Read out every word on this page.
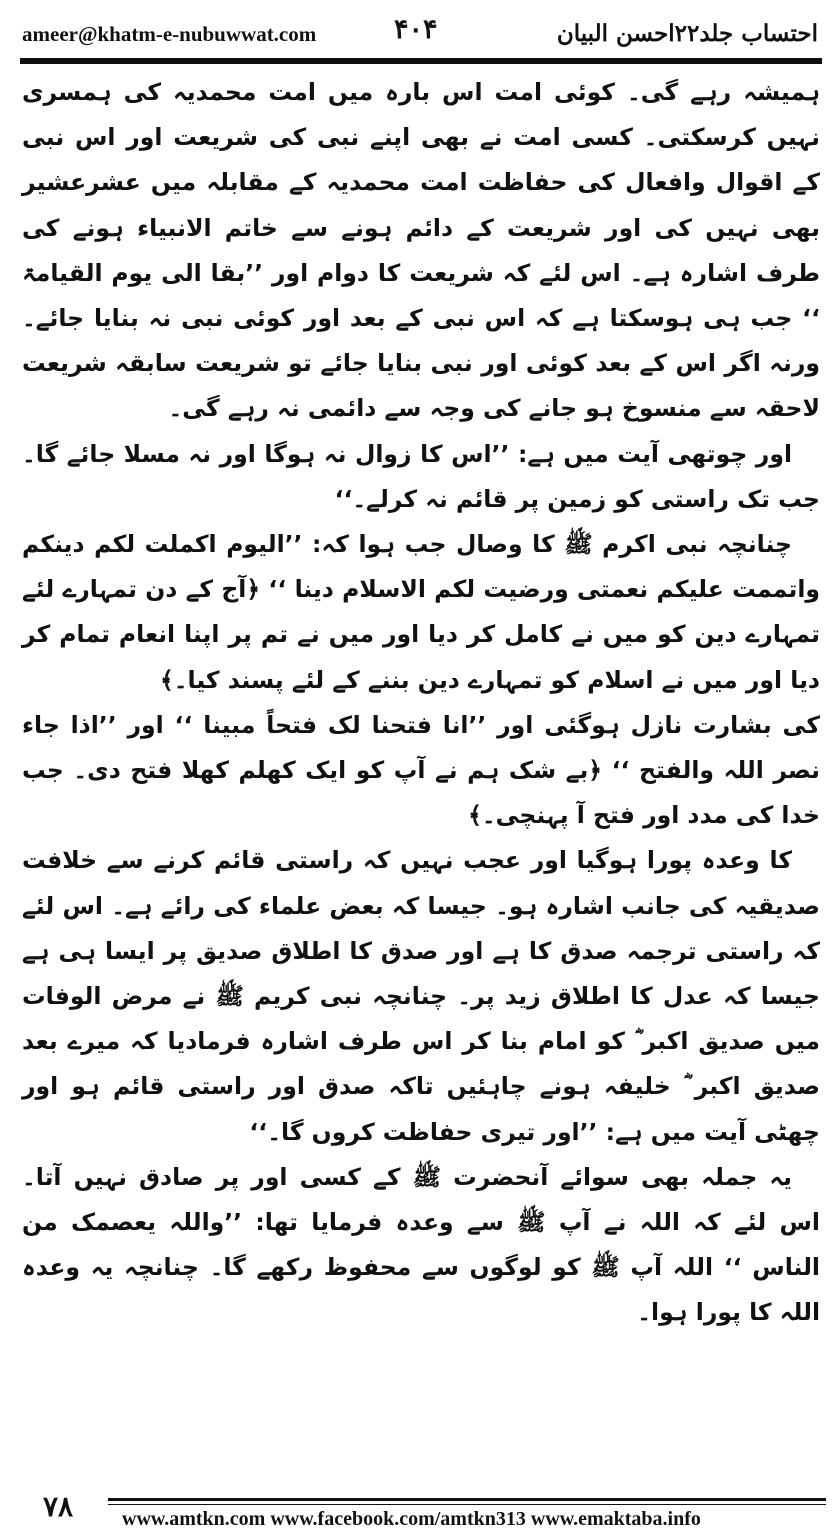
ameer@khatm-e-nubuwwat.com	۴۰۴	احتساب جلد۲۲احسن البیان

ہمیشہ رہے گی۔ کوئی امت اس بارہ میں امت محمدیہ کی ہمسری نہیں کرسکتی۔ کسی امت نے بھی اپنے نبی کی شریعت اور اس نبی کے اقوال وافعال کی حفاظت امت محمدیہ کے مقابلہ میں عشرعشیر بھی نہیں کی اور شریعت کے دائم ہونے سے خاتم الانبیاء ہونے کی طرف اشارہ ہے۔ اس لئے کہ شریعت کا دوام اور ’’بقا الی یوم القیامۃ ‘‘ جب ہی ہوسکتا ہے کہ اس نبی کے بعد اور کوئی نبی نہ بنایا جائے۔ ورنہ اگر اس کے بعد کوئی اور نبی بنایا جائے تو شریعت سابقہ شریعت لاحقہ سے منسوخ ہو جانے کی وجہ سے دائمی نہ رہے گی۔

اور چوتھی آیت میں ہے: ’’اس کا زوال نہ ہوگا اور نہ مسلا جائے گا۔ جب تک راستی کو زمین پر قائم نہ کرلے۔‘‘

چنانچہ نبی اکرم ﷺ کا وصال جب ہوا کہ: ’’الیوم اکملت لکم دینکم واتممت علیکم نعمتی ورضیت لکم الاسلام دینا ‘‘ ﴿آج کے دن تمہارے لئے تمہارے دین کو میں نے کامل کر دیا اور میں نے تم پر اپنا انعام تمام کر دیا اور میں نے اسلام کو تمہارے دین بننے کے لئے پسند کیا۔﴾

کی بشارت نازل ہوگئی اور ’’انا فتحنا لک فتحاً مبینا ‘‘ اور ’’اذا جاء نصر اللہ والفتح ‘‘ ﴿بے شک ہم نے آپ کو ایک کھلم کھلا فتح دی۔ جب خدا کی مدد اور فتح آ پہنچی۔﴾

کا وعدہ پورا ہوگیا اور عجب نہیں کہ راستی قائم کرنے سے خلافت صدیقیہ کی جانب اشارہ ہو۔ جیسا کہ بعض علماء کی رائے ہے۔ اس لئے کہ راستی ترجمہ صدق کا ہے اور صدق کا اطلاق صدیق پر ایسا ہی ہے جیسا کہ عدل کا اطلاق زید پر۔ چنانچہ نبی کریم ﷺ نے مرض الوفات میں صدیق اکبر ؓ کو امام بنا کر اس طرف اشارہ فرمادیا کہ میرے بعد صدیق اکبر ؓ خلیفہ ہونے چاہئیں تاکہ صدق اور راستی قائم ہو اور چھٹی آیت میں ہے: ’’اور تیری حفاظت کروں گا۔‘‘

یہ جملہ بھی سوائے آنحضرت ﷺ کے کسی اور پر صادق نہیں آتا۔ اس لئے کہ اللہ نے آپ ﷺ سے وعدہ فرمایا تھا: ’’واللہ یعصمک من الناس ‘‘ اللہ آپ ﷺ کو لوگوں سے محفوظ رکھے گا۔ چنانچہ یہ وعدہ اللہ کا پورا ہوا۔

۷۸	www.amtkn.com www.facebook.com/amtkn313 www.emaktaba.info
